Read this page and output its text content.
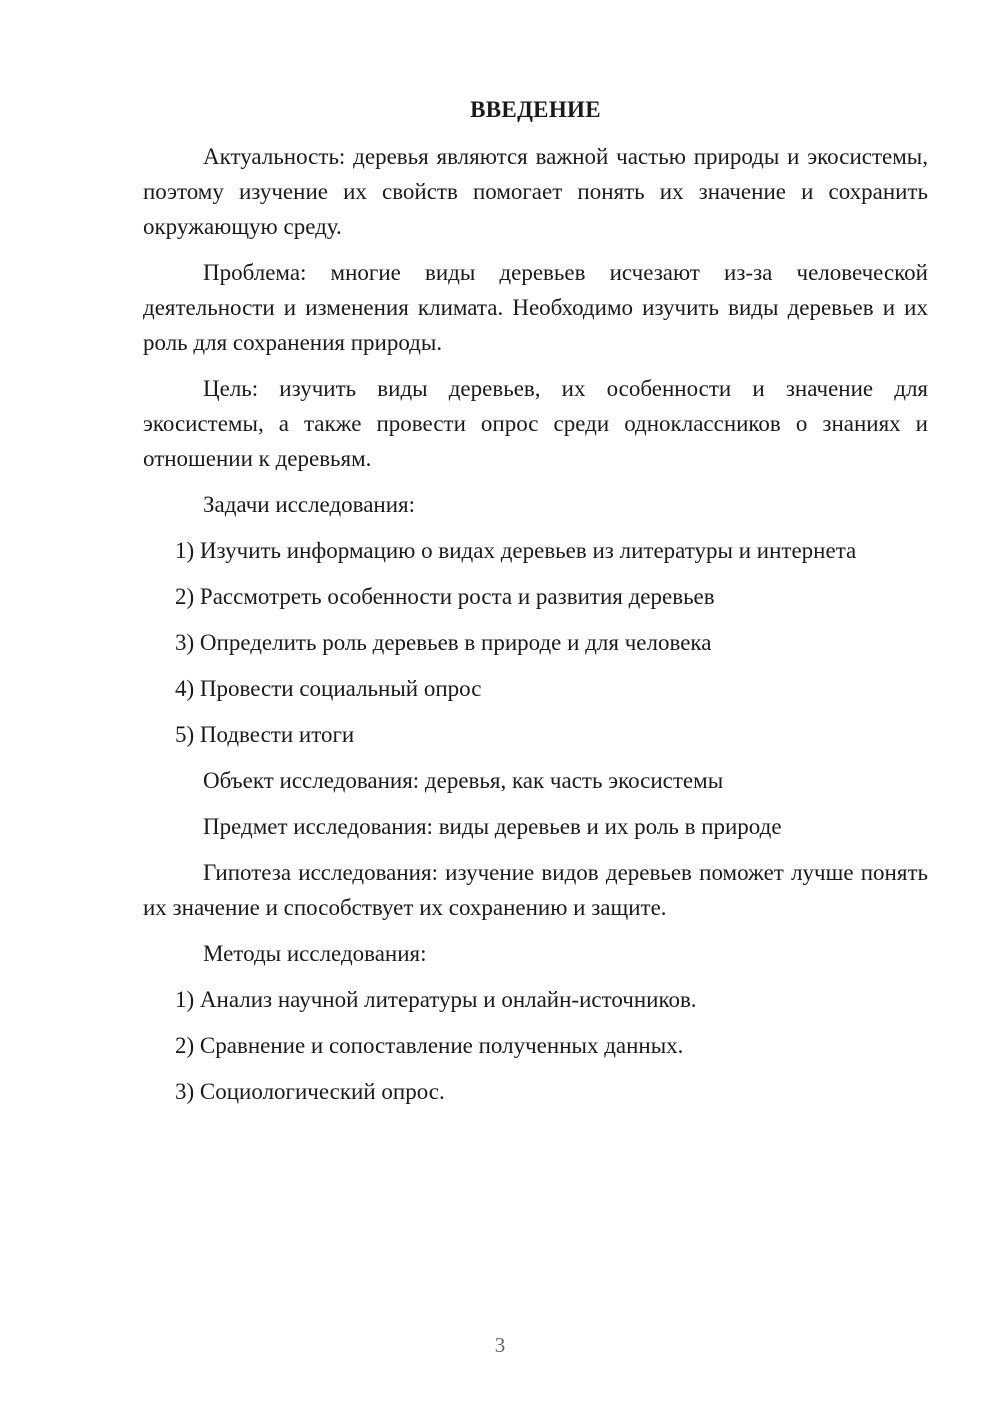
ВВЕДЕНИЕ

Актуальность: деревья являются важной частью природы и экосистемы, поэтому изучение их свойств помогает понять их значение и сохранить окружающую среду.

Проблема: многие виды деревьев исчезают из-за человеческой деятельности и изменения климата. Необходимо изучить виды деревьев и их роль для сохранения природы.

Цель: изучить виды деревьев, их особенности и значение для экосистемы, а также провести опрос среди одноклассников о знаниях и отношении к деревьям.

Задачи исследования:
1) Изучить информацию о видах деревьев из литературы и интернета
2) Рассмотреть особенности роста и развития деревьев
3) Определить роль деревьев в природе и для человека
4) Провести социальный опрос
5) Подвести итоги
Объект исследования: деревья, как часть экосистемы
Предмет исследования: виды деревьев и их роль в природе

Гипотеза исследования: изучение видов деревьев поможет лучше понять их значение и способствует их сохранению и защите.

Методы исследования:
1) Анализ научной литературы и онлайн-источников.
2) Сравнение и сопоставление полученных данных.
3) Социологический опрос.
3
